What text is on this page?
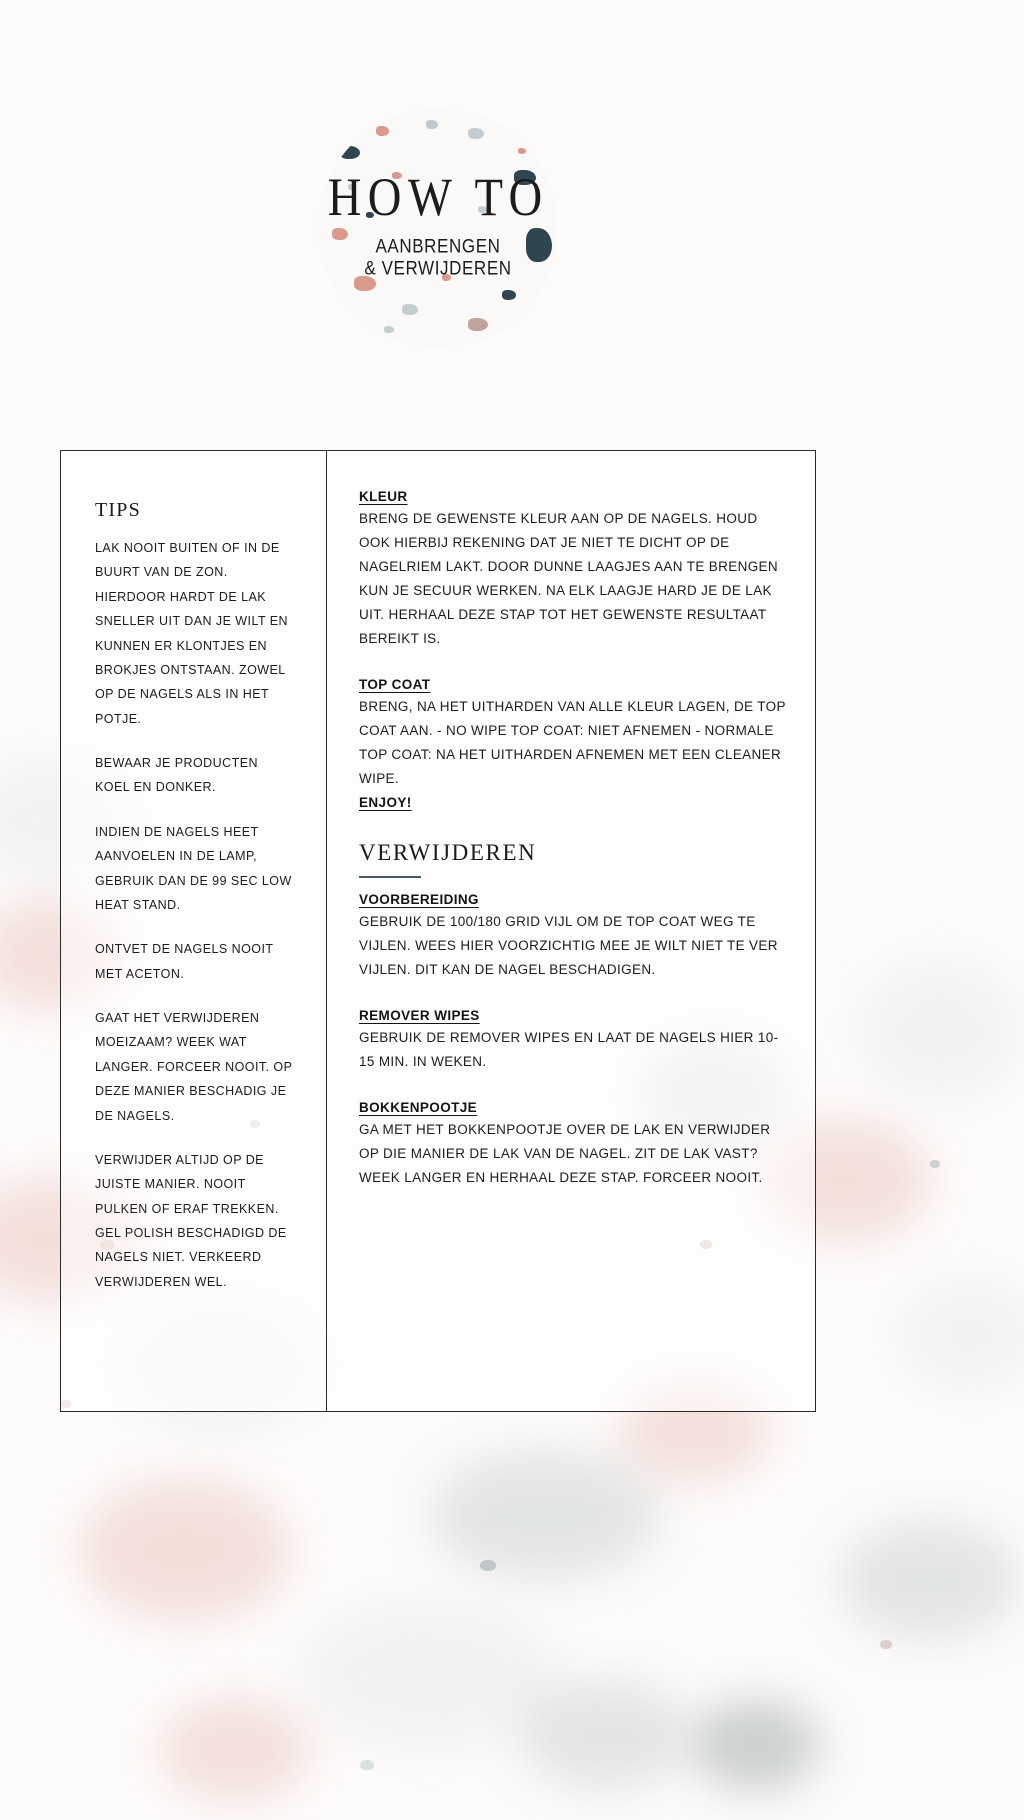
HOW TO
AANBRENGEN
& VERWIJDEREN
TIPS

LAK NOOIT BUITEN OF IN DE BUURT VAN DE ZON. HIERDOOR HARDT DE LAK SNELLER UIT DAN JE WILT EN KUNNEN ER KLONTJES EN BROKJES ONTSTAAN. ZOWEL OP DE NAGELS ALS IN HET POTJE.

BEWAAR JE PRODUCTEN KOEL EN DONKER.

INDIEN DE NAGELS HEET AANVOELEN IN DE LAMP, GEBRUIK DAN DE 99 SEC LOW HEAT STAND.

ONTVET DE NAGELS NOOIT MET ACETON.

GAAT HET VERWIJDEREN MOEIZAAM? WEEK WAT LANGER. FORCEER NOOIT. OP DEZE MANIER BESCHADIG JE DE NAGELS.

VERWIJDER ALTIJD OP DE JUISTE MANIER. NOOIT PULKEN OF ERAF TREKKEN. GEL POLISH BESCHADIGD DE NAGELS NIET. VERKEERD VERWIJDEREN WEL.

KLEUR

BRENG DE GEWENSTE KLEUR AAN OP DE NAGELS. HOUD OOK HIERBIJ REKENING DAT JE NIET TE DICHT OP DE NAGELRIEM LAKT. DOOR DUNNE LAAGJES AAN TE BRENGEN KUN JE SECUUR WERKEN. NA ELK LAAGJE HARD JE DE LAK UIT. HERHAAL DEZE STAP TOT HET GEWENSTE RESULTAAT BEREIKT IS.

TOP COAT

BRENG, NA HET UITHARDEN VAN ALLE KLEUR LAGEN, DE TOP COAT AAN. - NO WIPE TOP COAT: NIET AFNEMEN - NORMALE TOP COAT: NA HET UITHARDEN AFNEMEN MET EEN CLEANER WIPE.

ENJOY!
VERWIJDEREN
VOORBEREIDING

GEBRUIK DE 100/180 GRID VIJL OM DE TOP COAT WEG TE VIJLEN. WEES HIER VOORZICHTIG MEE JE WILT NIET TE VER VIJLEN. DIT KAN DE NAGEL BESCHADIGEN.

REMOVER WIPES

GEBRUIK DE REMOVER WIPES EN LAAT DE NAGELS HIER 10-15 MIN. IN WEKEN.

BOKKENPOOTJE

GA MET HET BOKKENPOOTJE OVER DE LAK EN VERWIJDER OP DIE MANIER DE LAK VAN DE NAGEL. ZIT DE LAK VAST? WEEK LANGER EN HERHAAL DEZE STAP. FORCEER NOOIT.
